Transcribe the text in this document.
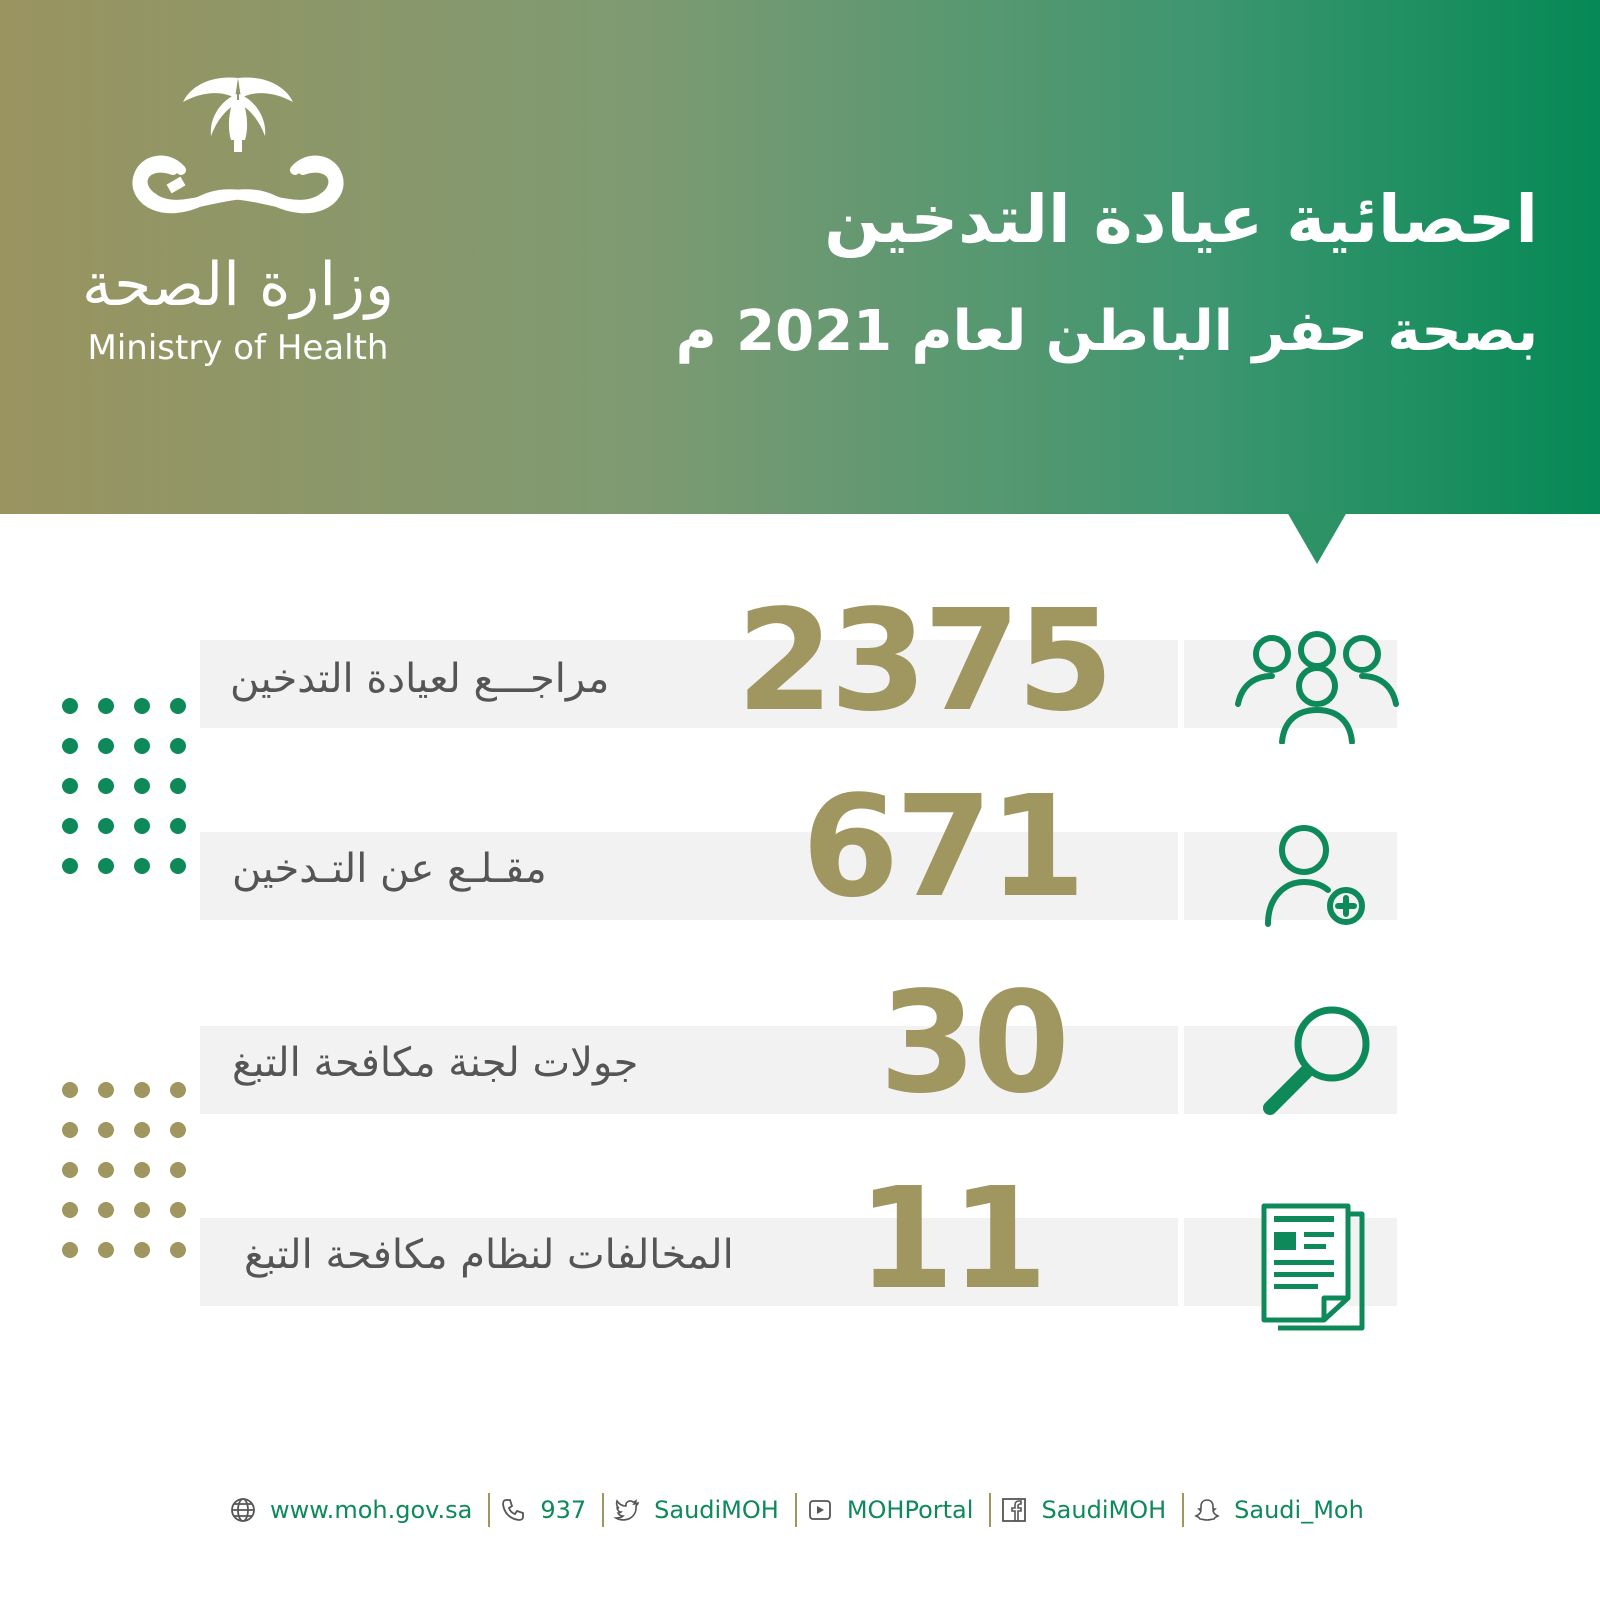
وزارة الصحة
Ministry of Health
احصائية عيادة التدخين
بصحة حفر الباطن لعام 2021 م
مراجـــع لعيادة التدخين 2375
مقـلـع عن التـدخين 671
جولات لجنة مكافحة التبغ 30
المخالفات لنظام مكافحة التبغ 11
www.moh.gov.sa	937	SaudiMOH	MOHPortal	SaudiMOH	Saudi_Moh
